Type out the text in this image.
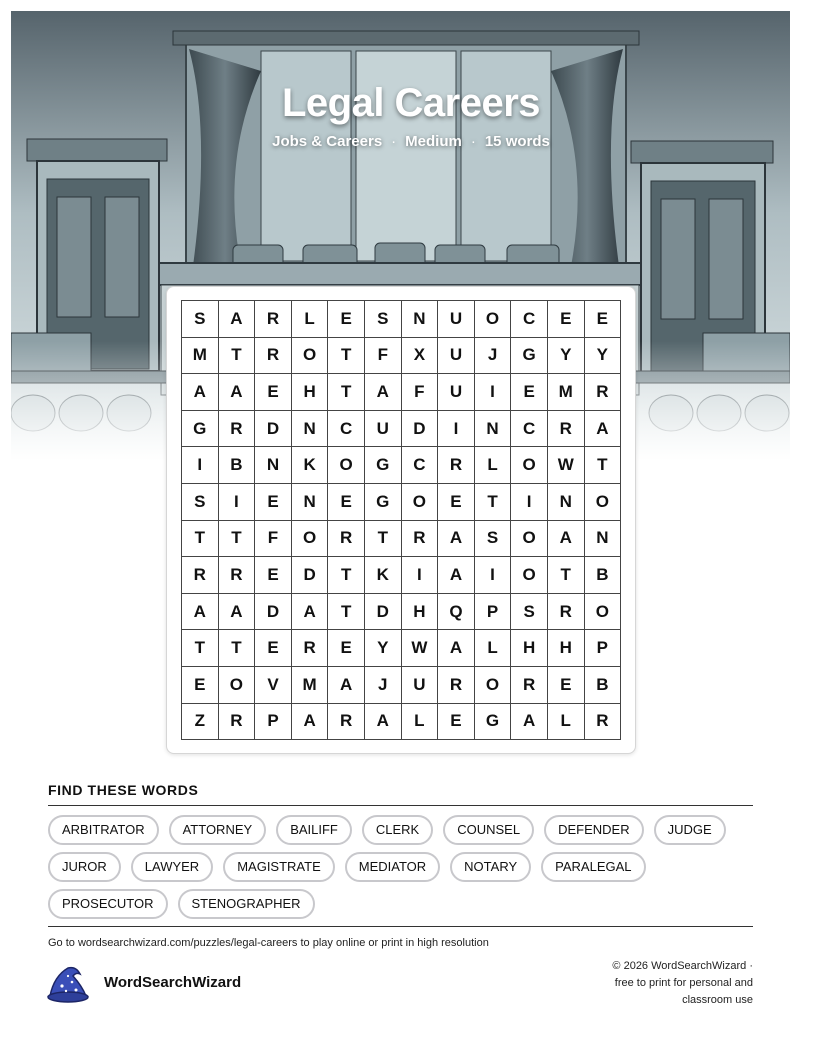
Legal Careers
Jobs & Careers · Medium · 15 words
S	A	R	L	E	S	N	U	O	C	E	E
M	T	R	O	T	F	X	U	J	G	Y	Y
A	A	E	H	T	A	F	U	I	E	M	R
G	R	D	N	C	U	D	I	N	C	R	A
I	B	N	K	O	G	C	R	L	O	W	T
S	I	E	N	E	G	O	E	T	I	N	O
T	T	F	O	R	T	R	A	S	O	A	N
R	R	E	D	T	K	I	A	I	O	T	B
A	A	D	A	T	D	H	Q	P	S	R	O
T	T	E	R	E	Y	W	A	L	H	H	P
E	O	V	M	A	J	U	R	O	R	E	B
Z	R	P	A	R	A	L	E	G	A	L	R
FIND THESE WORDS
ARBITRATOR	ATTORNEY	BAILIFF	CLERK	COUNSEL	DEFENDER	JUDGE
JUROR	LAWYER	MAGISTRATE	MEDIATOR	NOTARY	PARALEGAL
PROSECUTOR	STENOGRAPHER
Go to wordsearchwizard.com/puzzles/legal-careers to play online or print in high resolution
WordSearchWizard
© 2026 WordSearchWizard ·
free to print for personal and
classroom use
